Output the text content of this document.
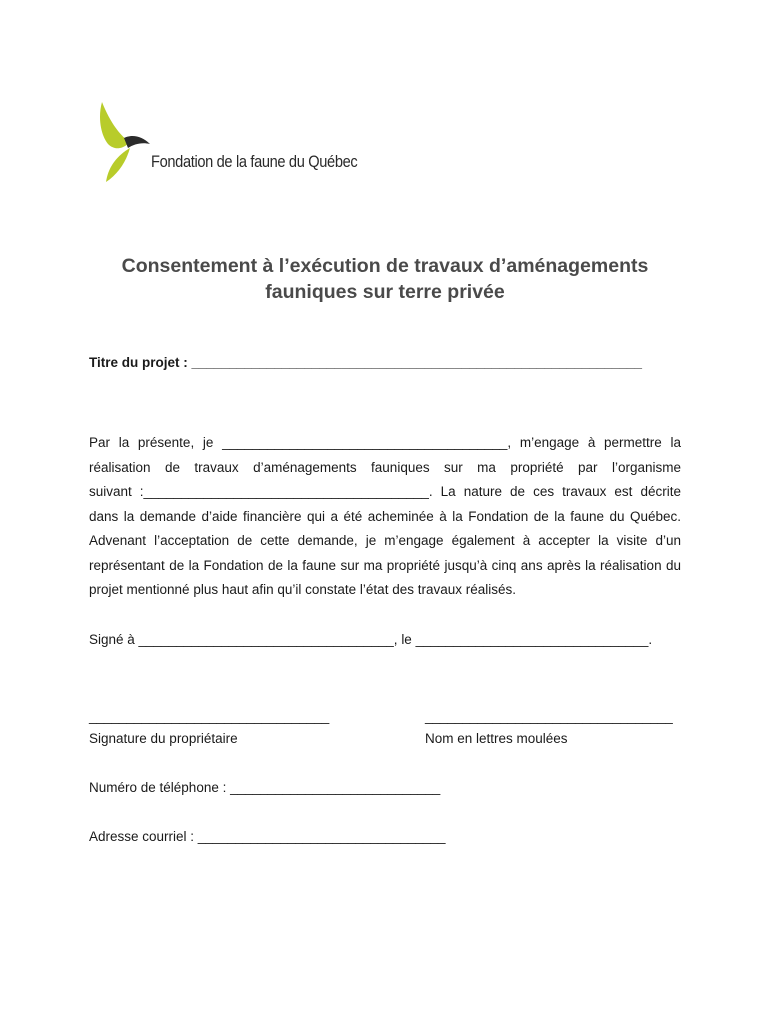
Fondation de la faune du Québec
Consentement à l’exécution de travaux d’aménagements
fauniques sur terre privée
Titre du projet : ____________________________________________________________
Par la présente, je ______________________________________, m’engage à permettre la
réalisation de travaux d’aménagements fauniques sur ma propriété par l’organisme
suivant :______________________________________. La nature de ces travaux est décrite
dans la demande d’aide financière qui a été acheminée à la Fondation de la faune du Québec.
Advenant l’acceptation de cette demande, je m’engage également à accepter la visite d’un
représentant de la Fondation de la faune sur ma propriété jusqu’à cinq ans après la réalisation du
projet mentionné plus haut afin qu’il constate l’état des travaux réalisés.
Signé à __________________________________, le _______________________________.
________________________________
Signature du propriétaire
_________________________________
Nom en lettres moulées
Numéro de téléphone : ____________________________
Adresse courriel : _________________________________
